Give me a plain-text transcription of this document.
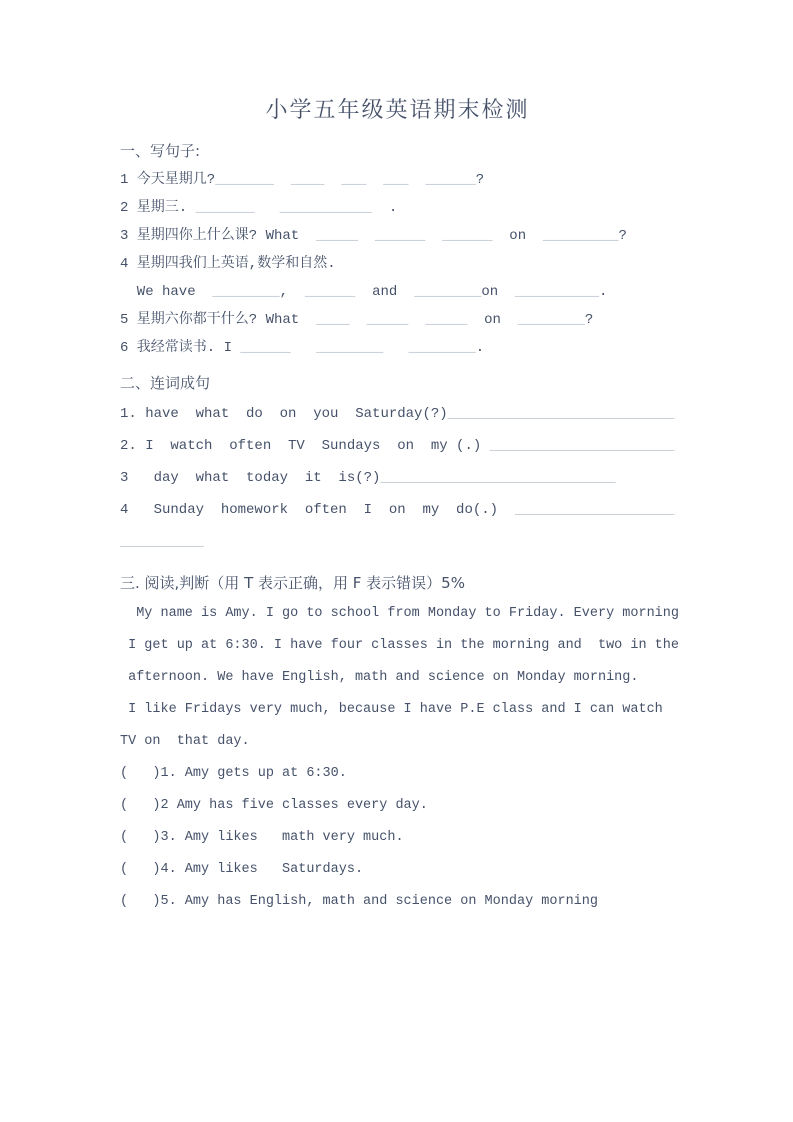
小学五年级英语期末检测
一、写句子:
1 今天星期几?_______ ____ ___ ___ ______?
2 星期三. _______ ___________  .
3 星期四你上什么课? What  _____ ______ ______  on  _________?
4 星期四我们上英语,数学和自然.
We have  ________,  ______  and  ________on  __________.
5 星期六你都干什么? What  ____ _____ _____  on  ________?
6 我经常读书. I ______ ________ ________.
二、连词成句
1. have  what  do  on  you  Saturday(?)___________________________
2. I  watch  often  TV  Sundays  on  my (.) ______________________
3   day  what  today  it  is(?)____________________________
4   Sunday  homework  often  I  on  my  do(.)  ___________________
__________
三. 阅读,判断（用 T 表示正确，用 F 表示错误）5%
My name is Amy. I go to school from Monday to Friday. Every morning
I get up at 6:30. I have four classes in the morning and  two in the
afternoon. We have English, math and science on Monday morning.
I like Fridays very much, because I have P.E class and I can watch
TV on  that day.
(   )1. Amy gets up at 6:30.
(   )2 Amy has five classes every day.
(   )3. Amy likes   math very much.
(   )4. Amy likes   Saturdays.
(   )5. Amy has English, math and science on Monday morning
